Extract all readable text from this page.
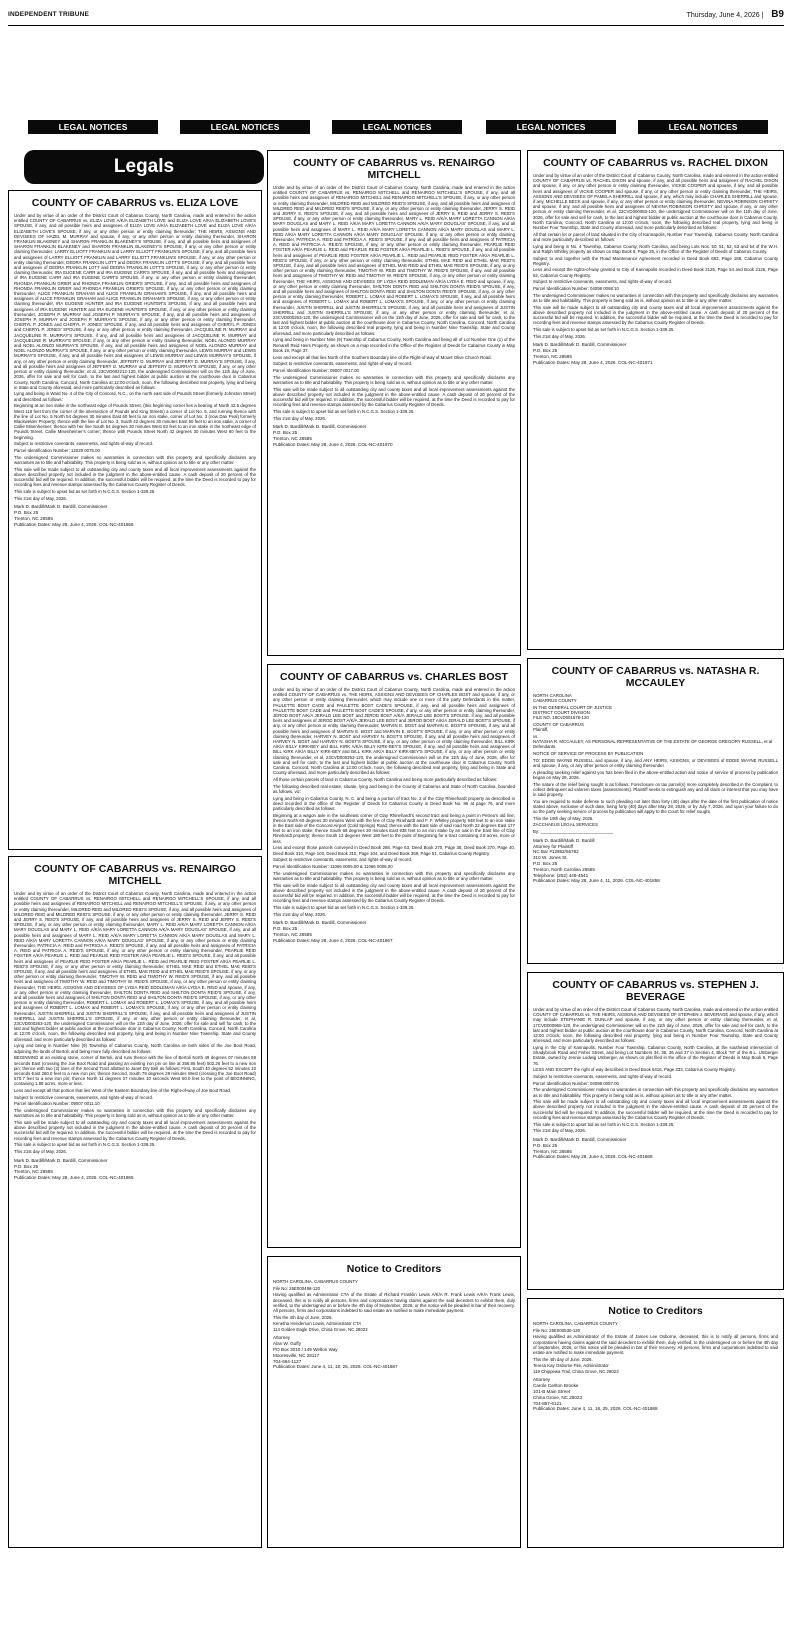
INDEPENDENT TRIBUNE	Thursday, June 4, 2026 | B9
LEGAL NOTICES	LEGAL NOTICES	LEGAL NOTICES	LEGAL NOTICES	LEGAL NOTICES
Legals
COUNTY OF CABARRUS vs. ELIZA LOVE

Under and by virtue of an order of the District Court of Cabarrus County, North Carolina, made and entered in the action entitled COUNTY OF CABARRUS vs. ELIZA LOVE A/K/A ELIZABETH LOVE and ELIZA LOVE A/K/A ELIZABETH LOVE'S SPOUSE, if any, and all possible heirs and assignees of ELIZA LOVE A/K/A ELIZABETH LOVE and ELIZA LOVE A/K/A ELIZABETH LOVE'S SPOUSE, if any, or any other person or entity claiming thereunder; THE HEIRS, ASSIGNS AND DEVISEES OF HAZEL M. MURRAY and spouse, if any, or any other person or entity claiming thereunder, SHARON FRANKLIN BLAKENEY and SHARON FRANKLIN BLAKENEY'S SPOUSE, if any, and all possible heirs and assignees of SHARON FRANKLIN BLAKENEY and SHARON FRANKLIN BLAKENEY'S SPOUSE, if any, or any other person or entity claiming thereunder, LARRY ELLIOTT FRANKLIN and LARRY ELLIOTT FRANKLIN'S SPOUSE, if any, and all possible heirs and assignees of LARRY ELLIOTT FRANKLIN and LARRY ELLIOTT FRANKLIN'S SPOUSE, if any, or any other person or entity claiming thereunder, DEDRA FRANKLIN LOTT and DEDRA FRANKLIN LOTT'S SPOUSE, if any, and all possible heirs and assignees of DEDRA FRANKLIN LOTT and DEDRA FRANKLIN LOTT'S SPOUSE, if any, or any other person or entity claiming thereunder, IRA EUGENE CARR and IRA EUGENE CARR'S SPOUSE, if any, and all possible heirs and assignees of IRA EUGENE CARR and IRA EUGENE CARR'S SPOUSE, if any, or any other person or entity claiming thereunder, RHONDA FRANKLIN GRIER and RHONDA FRANKLIN GRIER'S SPOUSE, if any, and all possible heirs and assignees of RHONDA FRANKLIN GRIER and RHONDA FRANKLIN GRIER'S SPOUSE, if any, or any other person or entity claiming thereunder, ALICE FRANKLIN GRAHAM and ALICE FRANKLIN GRAHAM'S SPOUSE, if any, and all possible heirs and assignees of ALICE FRANKLIN GRAHAM and ALICE FRANKLIN GRAHAM'S SPOUSE, if any, or any other person or entity claiming thereunder, IRA EUGENE HUNTER and IRA EUGENE HUNTER'S SPOUSE, if any, and all possible heirs and assignees of IRA EUGENE HUNTER and IRA EUGENE HUNTER'S SPOUSE, if any, or any other person or entity claiming thereunder, JOSEPH P. MURRAY and JOSEPH P. MURRAY'S SPOUSE, if any, and all possible heirs and assignees of JOSEPH P. MURRAY and JOSEPH P. MURRAY'S SPOUSE, if any, or any other person or entity claiming thereunder, CHERYL P. JONES and CHERYL P. JONES' SPOUSE, if any, and all possible heirs and assignees of CHERYL P. JONES and CHERYL P. JONES' SPOUSE, if any, or any other person or entity claiming thereunder, JACQUELINE R. MURRAY and JACQUELINE R. MURRAY'S SPOUSE, if any, and all possible heirs and assignees of JACQUELINE R. MURRAY and JACQUELINE R. MURRAY'S SPOUSE, if any, or any other person or entity claiming thereunder, NOEL ALONZO MURRAY and NOEL ALONZO MURRAY'S SPOUSE, if any, and all possible heirs and assignees of NOEL ALONZO MURRAY and NOEL ALONZO MURRAY'S SPOUSE, if any, or any other person or entity claiming thereunder, LEWIS MURRAY and LEWIS MURRAY'S SPOUSE, if any, and all possible heirs and assignees of LEWIS MURRAY and LEWIS MURRAY'S SPOUSE, if any, or any other person or entity claiming thereunder, JEFFERY D. MURRAY and JEFFERY D. MURRAY'S SPOUSE, if any, and all possible heirs and assignees of JEFFERY D. MURRAY and JEFFERY D. MURRAY'S SPOUSE, if any, or any other person or entity claiming thereunder, et al, 23CVD002212-120, the undersigned Commissioner will on the 11th day of June, 2026, offer for sale and sell for cash, to the last and highest bidder at public auction at the courthouse door in Cabarrus County, North Carolina, Concord, North Carolina at 12:00 o'clock, noon, the following described real property, lying and being in State and County aforesaid, and more particularly described as follows:

Lying and being in Ward No. 4 of the City of Concord, N.C., on the north east side of Pounds Street (formerly Johnston Street) and described as follows:

Beginning at an iron stake in the northeast edge of Pounds Street, (this beginning corner lies a bearing of North 42.5 degrees West 118 feet from the corner of the intersection of Pounds and King Streets) a corner of Lot No. 5, and running thence with the line of Lot No. 5 North 54 degrees 30 minutes East 60 feet to an iron stake, corner of Lot No. 3 (now Dan Peal) formerly Blackwelder Property; thence with the line of Lot No. 3, South 42 degrees 30 minutes East 60 feet to an iron stake, a corner of Callie Misenheimer; thence with her line South 54 degrees 30 minutes West 63 feet to an iron stake in the northeast edge of Pounds Street, Callie Misenheimer's corner; thence with Pounds Street North 42 degrees 30 minutes West 60 feet to the beginning.

Subject to restrictive covenants, easements, and rights-of-way of record.

Parcel Identification Number: 12029 0075.00

The undersigned Commissioner makes no warranties in connection with this property and specifically disclaims any warranties as to title and habitability. This property is being sold as is, without opinion as to title or any other matter.

This sale will be made subject to all outstanding city and county taxes and all local improvement assessments against the above described property not included in the judgment in the above-entitled cause. A cash deposit of 20 percent of the successful bid will be required. In addition, the successful bidder will be required, at the time the Deed is recorded to pay for recording fees and revenue stamps assessed by the Cabarrus County Register of Deeds.

This sale is subject to upset bid as set forth in N.C.G.S. Section 1-339.25.

This 21st day of May, 2026.

Mark D. Bardill/Mark D. Bardill, Commissioner
P.O. Box 25
Trenton, NC 28585
Publication Dates: May 28, June 4, 2026. COL-NC-401866
COUNTY OF CABARRUS vs. RENAIRGO MITCHELL

Under and by virtue of an order of the District Court of Cabarrus County, North Carolina, made and entered in the action entitled COUNTY OF CABARRUS vs. RENAIRGO MITCHELL and RENAIRGO MITCHELL'S SPOUSE, if any, and all possible heirs and assignees of RENAIRGO MITCHELL and RENAIRGO MITCHELL'S SPOUSE, if any, or any other person or entity claiming thereunder, MILDRED REID and MILDRED REID'S SPOUSE, if any, and all possible heirs and assignees of MILDRED REID and MILDRED REID'S SPOUSE, if any, or any other person or entity claiming thereunder, JERRY S. REID and JERRY S. REID'S SPOUSE, if any, and all possible heirs and assignees of JERRY S. REID and JERRY S. REID'S SPOUSE, if any, or any other person or entity claiming thereunder, MARY L. REID A/K/A MARY LORETTA CANNON A/K/A MARY DOUGLAS and MARY L. REID A/K/A MARY LORETTA CANNON A/K/A MARY DOUGLAS' SPOUSE, if any, and all possible heirs and assignees of MARY L. REID A/K/A MARY LORETTA CANNON A/K/A MARY DOUGLAS and MARY L. REID A/K/A MARY LORETTA CANNON A/K/A MARY DOUGLAS' SPOUSE, if any, or any other person or entity claiming thereunder, PATRICIA A. REID and PATRICIA A. REID'S SPOUSE, if any, and all possible heirs and assignees of PATRICIA A. REID and PATRICIA A. REID'S SPOUSE, if any, or any other person or entity claiming thereunder, PEARLIE REID FOSTER A/K/A PEARLIE L. REID and PEARLIE REID FOSTER A/K/A PEARLIE L. REID'S SPOUSE, if any, and all possible heirs and assignees of PEARLIE REID FOSTER A/K/A PEARLIE L. REID and PEARLIE REID FOSTER A/K/A PEARLIE L. REID'S SPOUSE, if any, or any other person or entity claiming thereunder, ETHEL MAE REID and ETHEL MAE REID'S SPOUSE, if any, and all possible heirs and assignees of ETHEL MAE REID and ETHEL MAE REID'S SPOUSE, if any, or any other person or entity claiming thereunder, TIMOTHY W. REID and TIMOTHY W. REID'S SPOUSE, if any, and all possible heirs and assignees of TIMOTHY W. REID and TIMOTHY W. REID'S SPOUSE, if any, or any other person or entity claiming thereunder, THE HEIRS, ASSIGNS AND DEVISEES OF LYDIA REID EDDLEMAN A/K/A LYDIA E. REID and spouse, if any, or any other person or entity claiming thereunder, SHILTON DONTA REID and SHILTON DONTA REID'S SPOUSE, if any, and all possible heirs and assignees of SHILTON DONTA REID and SHILTON DONTA REID'S SPOUSE, if any, or any other person or entity claiming thereunder, ROBERT L. LOMAX and ROBERT L. LOMAX'S SPOUSE, if any, and all possible heirs and assignees of ROBERT L. LOMAX and ROBERT L. LOMAX'S SPOUSE, if any, or any other person or entity claiming thereunder, JUSTIN SHERRILL and JUSTIN SHERRILL'S SPOUSE, if any, and all possible heirs and assignees of JUSTIN SHERRILL and JUSTIN SHERRILL'S SPOUSE, if any, or any other person or entity claiming thereunder, et al, 23CVD000263-120, the undersigned Commissioner will on the 11th day of June, 2026, offer for sale and sell for cash, to the last and highest bidder at public auction at the courthouse door in Cabarrus County, North Carolina, Concord, North Carolina at 12:00 o'clock, noon, the following described real property, lying and being in Number Nine Township, State and County aforesaid, and more particularly described as follows:

Lying and being in Number Nine (9) Township of Cabarrus County, North Carolina on both sides of the Joe Boot Road, adjoining the lands of Bertoli, and being more fully described as follows:

BEGINNING at an existing stone, corner of Bertoli, and runs thence with the line of Bertoli North 49 degrees 07 minutes 59 seconds East (crossing the Joe Boot Road and passing an existing iron pin on line at 256.86 feet) 502.26 feet to a new iron pin; thence with two (2) lines of the Second Tract allotted to Janet Dry Bell as follows: First, South 40 degrees 52 minutes 10 seconds East 260.0 feet to a new iron pin; thence Second, South 79 degrees 28 minutes West (crossing the Joe Boot Road) 570.7 feet to a new iron pin; thence North 11 degrees 37 minutes 10 seconds West 60.0 feet to the point of BEGINNING, containing 1.89 acres, more or less.

Less and except all that portion that lies West of the Eastern Boundary line of the Right-of-way of Joe Boot Road.

Subject to restrictive covenants, easements, and rights-of-way of record.

Parcel Identification Number: 09007 0011.10

The undersigned Commissioner makes no warranties in connection with this property and specifically disclaims any warranties as to title and habitability. This property is being sold as is, without opinion as to title or any other matter.

This sale will be made subject to all outstanding city and county taxes and all local improvement assessments against the above described property not included in the judgment in the above-entitled cause. A cash deposit of 20 percent of the successful bid will be required. In addition, the successful bidder will be required, at the time the Deed is recorded to pay for recording fees and revenue stamps assessed by the Cabarrus County Register of Deeds.

This sale is subject to upset bid as set forth in N.C.G.S. Section 1-339.25.

This 21st day of May, 2026.

Mark D. Bardill/Mark D. Bardill, Commissioner
P.O. Box 25
Trenton, NC 28585
Publication Dates: May 28, June 4, 2026. COL-NC-401865
COUNTY OF CABARRUS vs. RENAIRGO MITCHELL

Under and by virtue of an order of the District Court of Cabarrus County, North Carolina, made and entered in the action entitled COUNTY OF CABARRUS vs. RENAIRGO MITCHELL and RENAIRGO MITCHELL'S SPOUSE, if any, and all possible heirs and assignees of RENAIRGO MITCHELL and RENAIRGO MITCHELL'S SPOUSE, if any, or any other person or entity claiming thereunder, MILDRED REID and MILDRED REID'S SPOUSE, if any, and all possible heirs and assignees of MILDRED REID and MILDRED REID'S SPOUSE, if any, or any other person or entity claiming thereunder, JERRY S. REID and JERRY S. REID'S SPOUSE, if any, and all possible heirs and assignees of JERRY S. REID and JERRY S. REID'S SPOUSE, if any, or any other person or entity claiming thereunder, MARY L. REID A/K/A MARY LORETTA CANNON A/K/A MARY DOUGLAS and MARY L. REID A/K/A MARY LORETTA CANNON A/K/A MARY DOUGLAS' SPOUSE, if any, and all possible heirs and assignees of MARY L. REID A/K/A MARY LORETTA CANNON A/K/A MARY DOUGLAS and MARY L. REID A/K/A MARY LORETTA CANNON A/K/A MARY DOUGLAS' SPOUSE, if any, or any other person or entity claiming thereunder, PATRICIA A. REID and PATRICIA A. REID'S SPOUSE, if any, and all possible heirs and assignees of PATRICIA A. REID and PATRICIA A. REID'S SPOUSE, if any, or any other person or entity claiming thereunder, PEARLIE REID FOSTER A/K/A PEARLIE L. REID and PEARLIE REID FOSTER A/K/A PEARLIE L. REID'S SPOUSE, if any, and all possible heirs and assignees of PEARLIE REID FOSTER A/K/A PEARLIE L. REID and PEARLIE REID FOSTER A/K/A PEARLIE L. REID'S SPOUSE, if any, or any other person or entity claiming thereunder, ETHEL MAE REID and ETHEL MAE REID'S SPOUSE, if any, and all possible heirs and assignees of ETHEL MAE REID and ETHEL MAE REID'S SPOUSE, if any, or any other person or entity claiming thereunder, TIMOTHY W. REID and TIMOTHY W. REID'S SPOUSE, if any, and all possible heirs and assignees of TIMOTHY W. REID and TIMOTHY W. REID'S SPOUSE, if any, or any other person or entity claiming thereunder, THE HEIRS, ASSIGNS AND DEVISEES OF LYDIA REID EDDLEMAN A/K/A LYDIA E. REID and spouse, if any, or any other person or entity claiming thereunder, SHILTON DONTA REID and SHILTON DONTA REID'S SPOUSE, if any, and all possible heirs and assignees of SHILTON DONTA REID and SHILTON DONTA REID'S SPOUSE, if any, or any other person or entity claiming thereunder, ROBERT L. LOMAX and ROBERT L. LOMAX'S SPOUSE, if any, and all possible heirs and assignees of ROBERT L. LOMAX and ROBERT L. LOMAX'S SPOUSE, if any, or any other person or entity claiming thereunder, JUSTIN SHERRILL and JUSTIN SHERRILL'S SPOUSE, if any, and all possible heirs and assignees of JUSTIN SHERRILL and JUSTIN SHERRILL'S SPOUSE, if any, or any other person or entity claiming thereunder, et al, 23CVD000263-120, the undersigned Commissioner will on the 11th day of June, 2026, offer for sale and sell for cash, to the last and highest bidder at public auction at the courthouse door in Cabarrus County, North Carolina, Concord, North Carolina at 12:00 o'clock, noon, the following described real property, lying and being in Number Nine Township, State and County aforesaid, and more particularly described as follows:

Lying and being in Number Nine (9) Township of Cabarrus County, North Carolina and being all of Lot Number One (1) of the Renarell Reid Heirs Property, as shown on a map recorded in the Office of the Register of Deeds for Cabarrus County in Map Book 19, Page 37.

Less and except all that lies North of the Southern Boundary line of the Right-of-way of Mount Olive Church Road.

Subject to restrictive covenants, easements, and rights-of-way of record.

Parcel Identification Number: 09007 0017.00

The undersigned Commissioner makes no warranties in connection with this property and specifically disclaims any warranties as to title and habitability. This property is being sold as is, without opinion as to title or any other matter.

This sale will be made subject to all outstanding city and county taxes and all local improvement assessments against the above described property not included in the judgment in the above-entitled cause. A cash deposit of 20 percent of the successful bid will be required. In addition, the successful bidder will be required, at the time the Deed is recorded to pay for recording fees and revenue stamps assessed by the Cabarrus County Register of Deeds.

This sale is subject to upset bid as set forth in N.C.G.S. Section 1-339.25.

This 21st day of May, 2026.

Mark D. Bardill/Mark D. Bardill, Commissioner
P.O. Box 25
Trenton, NC 28585
Publication Dates: May 28, June 4, 2026. COL-NC-401870
COUNTY OF CABARRUS vs. CHARLES BOST

Under and by virtue of an order of the District Court of Cabarrus County, North Carolina, made and entered in the action entitled COUNTY OF CABARRUS vs. THE HEIRS, ASSIGNS AND DEVISEES OF CHARLES BOST and spouse, if any, or any other person or entity claiming thereunder, which may include one or more of the party Defendants in this matter, PAULETTE BOST CADE and PAULETTE BOST CADE'S SPOUSE, if any, and all possible heirs and assignees of PAULETTE BOST CADE and PAULETTE BOST CADE'S SPOUSE, if any, or any other person or entity claiming thereunder, JEROD BOST A/K/A JERALD LEE BOST and JEROD BOST A/K/A JERALD LEE BOST'S SPOUSE, if any, and all possible heirs and assignees of JEROD BOST A/K/A JERALD LEE BOST and JEROD BOST A/K/A JERALD LEE BOST'S SPOUSE, if any, or any other person or entity claiming thereunder, MARVIN E. BOST and MARVIN E. BOST'S SPOUSE, if any, and all possible heirs and assignees of MARVIN E. BOST and MARVIN E. BOST'S SPOUSE, if any, or any other person or entity claiming thereunder, HARVEY N. BOST and HARVEY N. BOST'S SPOUSE, if any, and all possible heirs and assignees of HARVEY N. BOST and HARVEY N. BOST'S SPOUSE, if any, or any other person or entity claiming thereunder, BILL KIRK A/K/A BILLY KIRK-BEY and BILL KIRK A/K/A BILLY KIRK-BEY'S SPOUSE, if any, and all possible heirs and assignees of BILL KIRK A/K/A BILLY KIRK-BEY and BILL KIRK A/K/A BILLY KIRK-BEY'S SPOUSE, if any, or any other person or entity claiming thereunder, et al, 23CVD000353-120, the undersigned Commissioner will on the 11th day of June, 2026, offer for sale and sell for cash, to the last and highest bidder at public auction at the courthouse door in Cabarrus County, North Carolina, Concord, North Carolina at 12:00 o'clock, noon, the following described real property, lying and being in State and County aforesaid, and more particularly described as follows:

All those certain parcels of land in Cabarrus County, North Carolina and being more particularly described as follows:

The following described real estate, situate, lying and being in the County of Cabarrus and State of North Carolina, bounded as follows, viz:

Lying and being in Cabarrus County, N. C. and being a portion of tract No. 2 of the Clay Rhinehardt property as described in deed recorded in the office of the Register of Deeds for Cabarrus County in Deed Book No. 86 at page 76, and more particularly described as follows:

Beginning at a wagon axle in the southeast corner of Clay Rhinehardt's second tract and being a point in Petrea's old line; thence North 60 degrees 30 minutes West with the line of Clay Rinehardt and F. F. Whitley property 948 feet to an iron stake in the East side of the Concord Airport (Cold Springs) Road; thence with the East side of said road North 22 degrees East 177 feet to an iron stake; thence South 68 degrees 30 minutes East 938 feet to an iron stake by an oak in the East line of Clay Rinehardt property; thence South 13 degrees West 180 feet to the point of Beginning for a tract containing 3.8 acres, more or less.

Less and except those parcels conveyed in Deed Book 268, Page 63, Deed Book 270, Page 38, Deed Book 270, Page 40, Deed Book 310, Page 103, Deed Book 310, Page 104, and Deed Book 359, Page 51, Cabarrus County Registry.

Subject to restrictive covenants, easements, and rights-of-way of record.

Parcel Identification Number: 11066 0005.00 & 11066 0008.00

The undersigned Commissioner makes no warranties in connection with this property and specifically disclaims any warranties as to title and habitability. This property is being sold as is, without opinion as to title or any other matter.

This sale will be made subject to all outstanding city and county taxes and all local improvement assessments against the above described property not included in the judgment in the above-entitled cause. A cash deposit of 20 percent of the successful bid will be required. In addition, the successful bidder will be required, at the time the Deed is recorded to pay for recording fees and revenue stamps assessed by the Cabarrus County Register of Deeds.

This sale is subject to upset bid as set forth in N.C.G.S. Section 1-339.25.

This 21st day of May, 2026.

Mark D. Bardill/Mark D. Bardill, Commissioner
P.O. Box 25
Trenton, NC 28585
Publication Dates: May 28, June 4, 2026. COL-NC-401867
Notice to Creditors

NORTH CAROLINA, CABARRUS COUNTY

File No: 26E000498-120

Having qualified as Administrator CTA of the Estate of Richard Franklin Lewis A/K/A R. Frank Lewis A/K/A Frank Lewis, deceased, this is to notify all persons, firms and corporations having claims against the said decedent to exhibit them, duly verified, to the undersigned on or before the 4th day of September, 2026, or this notice will be pleaded in bar of their recovery. All persons, firms and corporations indebted to said estate are notified to make immediate payment.

This the 4th day of June, 2026.

Kenetha Henderson Lewis, Administrator CTA
114 Golden Eagle Drive, China Grove, NC 28023

Attorney
Alan W. Guffy
PO Box 3010 / 149 Welton Way
Mooresville, NC 28117
704-664-1127
Publication Dates: June 4, 11, 18, 25, 2026. COL-NC-401887
COUNTY OF CABARRUS vs. RACHEL DIXON

Under and by virtue of an order of the District Court of Cabarrus County, North Carolina, made and entered in the action entitled COUNTY OF CABARRUS vs. RACHEL DIXON and spouse, if any, and all possible heirs and assignees of RACHEL DIXON and spouse, if any, or any other person or entity claiming thereunder, VICKIE COOPER and spouse, if any, and all possible heirs and assignees of VICKIE COOPER and spouse, if any, or any other person or entity claiming thereunder, THE HEIRS, ASSIGNS AND DEVISEES OF PAMELA SHERRILL and spouse, if any, which may include CHARLES SHERRILL and spouse, if any, MICHELLE BECK and spouse, if any, or any other person or entity claiming thereunder, NEVINA ROBINSON CHRISTY and spouse, if any, and all possible heirs and assignees of NEVINA ROBINSON CHRISTY and spouse, if any, or any other person or entity claiming thereunder, et al, 22CVD000083-120, the undersigned Commissioner will on the 11th day of June, 2026, offer for sale and sell for cash, to the last and highest bidder at public auction at the courthouse door in Cabarrus County, North Carolina, Concord, North Carolina at 12:00 o'clock, noon, the following described real property, lying and being in Number Four Township, State and County aforesaid, and more particularly described as follows:

All that certain lot or parcel of land situated in the City of Kannapolis, Number Four Township, Cabarrus County, North Carolina and more particularly described as follows:

Lying and being in No. 4 Township, Cabarrus County, North Carolina, and being Lots Nos. 50, 51, 52, 53 and 54 of the W.H. and Ralph Whitley property as shown on Map Book 8, Page 25, in the Office of the Register of Deeds of Cabarrus County.

Subject to and together with the Road Maintenance Agreement recorded in Deed Book 683, Page 188, Cabarrus County Registry.

Less and except the rights-of-way granted to City of Kannapolis recorded in Deed Book 2126, Page 54 and Book 2126, Page 52, Cabarrus County Registry.

Subject to restrictive covenants, easements, and rights-of-way of record.

Parcel Identification Number: 04098 0068.10

The undersigned Commissioner makes no warranties in connection with this property and specifically disclaims any warranties as to title and habitability. This property is being sold as is, without opinion as to title or any other matter.

This sale will be made subject to all outstanding city and county taxes and all local improvement assessments against the above described property not included in the judgment in the above-entitled cause. A cash deposit of 20 percent of the successful bid will be required. In addition, the successful bidder will be required, at the time the Deed is recorded to pay for recording fees and revenue stamps assessed by the Cabarrus County Register of Deeds.

This sale is subject to upset bid as set forth in N.C.G.S. Section 1-339.25.

This 21st day of May, 2026.

Mark D. Bardill/Mark D. Bardill, Commissioner
P.O. Box 25
Trenton, NC 28585
Publication Dates: May 28, June 4, 2026. COL-NC-401871
COUNTY OF CABARRUS vs. NATASHA R. MCCAULEY

NORTH CAROLINA
CABARRUS COUNTY

IN THE GENERAL COURT OF JUSTICE
DISTRICT COURT DIVISION
FILE NO. 18CvD001578-120

COUNTY OF CABARRUS
Plaintiff,

vs.
NATASHA R. MCCAULEY, AS PERSONAL REPRESENTATIVE OF THE ESTATE OF GEORGE GREGORY RUSSELL, et al
Defendants.

NOTICE OF SERVICE OF PROCESS BY PUBLICATION

TO: EDDIE WAYNE RUSSELL and spouse, if any, and ANY HEIRS, ASSIGNS, or DEVISEES of EDDIE WAYNE RUSSELL and spouse, if any, or any other person or entity claiming thereunder

A pleading seeking relief against you has been filed in the above-entitled action and notice of service of process by publication began on May 28, 2026.

The nature of the relief being sought is as follows: Foreclosure on tax parcel(s) more completely described in the Complaint, to collect delinquent ad valorem taxes (assessments). Plaintiff seeks to extinguish any and all claim or interest that you may have in said property.

You are required to make defense to such pleading not later than forty (40) days after the date of the first publication of notice stated above, exclusive of such date, being forty (40) days after May 28, 2026, or by July 7, 2026, and upon your failure to do so the party seeking service of process by publication will apply to the Court for relief sought.

This the 19th day of May, 2026.

ZACCHAEUS LEGAL SERVICES

By: ______________________________

Mark D. Bardill/Mark D. Bardill
Attorney for Plaintiff
NC Bar #12852/56782
310 W. Jones St.
P.O. Box 25
Trenton, North Carolina 28585
Telephone: (252) 448-4541
Publication Dates: May 28, June 4, 11, 2026. COL-NC-401858
COUNTY OF CABARRUS vs. STEPHEN J. BEVERAGE

Under and by virtue of an order of the District Court of Cabarrus County, North Carolina, made and entered in the action entitled COUNTY OF CABARRUS vs. THE HEIRS, ASSIGNS AND DEVISEES OF STEPHEN J. BEVERAGE and spouse, if any, which may include STEPHANIE R. DUNLAP and spouse, if any, or any other person or entity claiming thereunder, et al, 17CVD000965-120, the undersigned Commissioner will on the 11th day of June, 2026, offer for sale and sell for cash, to the last and highest bidder at public auction at the courthouse door in Cabarrus County, North Carolina, Concord, North Carolina at 12:00 o'clock, noon, the following described real property, lying and being in Number Four Township, State and County aforesaid, and more particularly described as follows:

Lying in the City of Kannapolis, Number Four Township, Cabarrus County, North Carolina, at the southeast intersection of Shadybrook Road and Fisher Street, and being Lot Numbers 34, 35, 36 and 37 in Section 4, Block "M" of the B.L. Umberger Estate, owned by Jennie Ludwig Umberger, as shown on plat filed in the office of the Register of Deeds in Map Book 6, Page 76.

LESS AND EXCEPT the right of way described in Deed Book 6416, Page 333, Cabarrus County Registry.

Subject to restrictive covenants, easements, and rights-of-way of record.

Parcel Identification Number: 04098 0057.00

The undersigned Commissioner makes no warranties in connection with this property and specifically disclaims any warranties as to title and habitability. This property is being sold as is, without opinion as to title or any other matter.

This sale will be made subject to all outstanding city and county taxes and all local improvement assessments against the above described property not included in the judgment in the above-entitled cause. A cash deposit of 20 percent of the successful bid will be required. In addition, the successful bidder will be required, at the time the Deed is recorded to pay for recording fees and revenue stamps assessed by the Cabarrus County Register of Deeds.

This sale is subject to upset bid as set forth in N.C.G.S. Section 1-339.25.

This 21st day of May, 2026.

Mark D. Bardill/Mark D. Bardill, Commissioner
P.O. Box 25
Trenton, NC 28585
Publication Dates: May 28, June 4, 2026. COL-NC-401868
Notice to Creditors

NORTH CAROLINA, CABARRUS COUNTY

File No: 26E000530-120

Having qualified as Administrator of the Estate of James Lee Osborne, deceased, this is to notify all persons, firms and corporations having claims against the said decedent to exhibit them, duly verified, to the undersigned on or before the 4th day of September, 2026, or this notice will be pleaded in bar of their recovery. All persons, firms and corporations indebted to said estate are notified to make immediate payment.

This the 4th day of June, 2026.

Teresa Kay Osborne Fite, Administrator
119 Chippewa Trail, China Grove, NC 28023

Attorney
Carole Carlton Brooke
101-B Main Street
China Grove, NC 28023
704-857-6121
Publication Dates: June 4, 11, 18, 25, 2026. COL-NC-401888
